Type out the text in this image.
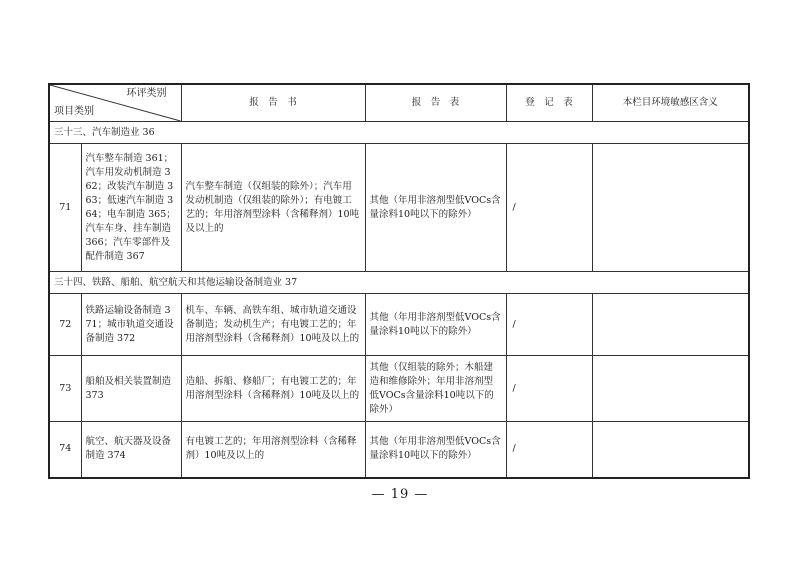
环评类别
项目类别		报　告　书	报　告　表	登　记　表	本栏目环境敏感区含义
三十三、汽车制造业 36					
71	汽车整车制造 361；汽车用发动机制造 362；改装汽车制造 363；低速汽车制造 364；电车制造 365；汽车车身、挂车制造 366；汽车零部件及配件制造 367	汽车整车制造（仅组装的除外）；汽车用发动机制造（仅组装的除外）；有电镀工艺的；年用溶剂型涂料（含稀释剂）10吨及以上的	其他（年用非溶剂型低VOCs含量涂料10吨以下的除外）	/	
三十四、铁路、船舶、航空航天和其他运输设备制造业 37					
72	铁路运输设备制造 371；城市轨道交通设备制造 372	机车、车辆、高铁车组、城市轨道交通设备制造；发动机生产；有电镀工艺的；年用溶剂型涂料（含稀释剂）10吨及以上的	其他（年用非溶剂型低VOCs含量涂料10吨以下的除外）	/	
73	船舶及相关装置制造 373	造船、拆船、修船厂；有电镀工艺的；年用溶剂型涂料（含稀释剂）10吨及以上的	其他（仅组装的除外；木船建造和维修除外；年用非溶剂型低VOCs含量涂料10吨以下的除外）	/	
74	航空、航天器及设备制造 374	有电镀工艺的；年用溶剂型涂料（含稀释剂）10吨及以上的	其他（年用非溶剂型低VOCs含量涂料10吨以下的除外）	/	
— 19 —
